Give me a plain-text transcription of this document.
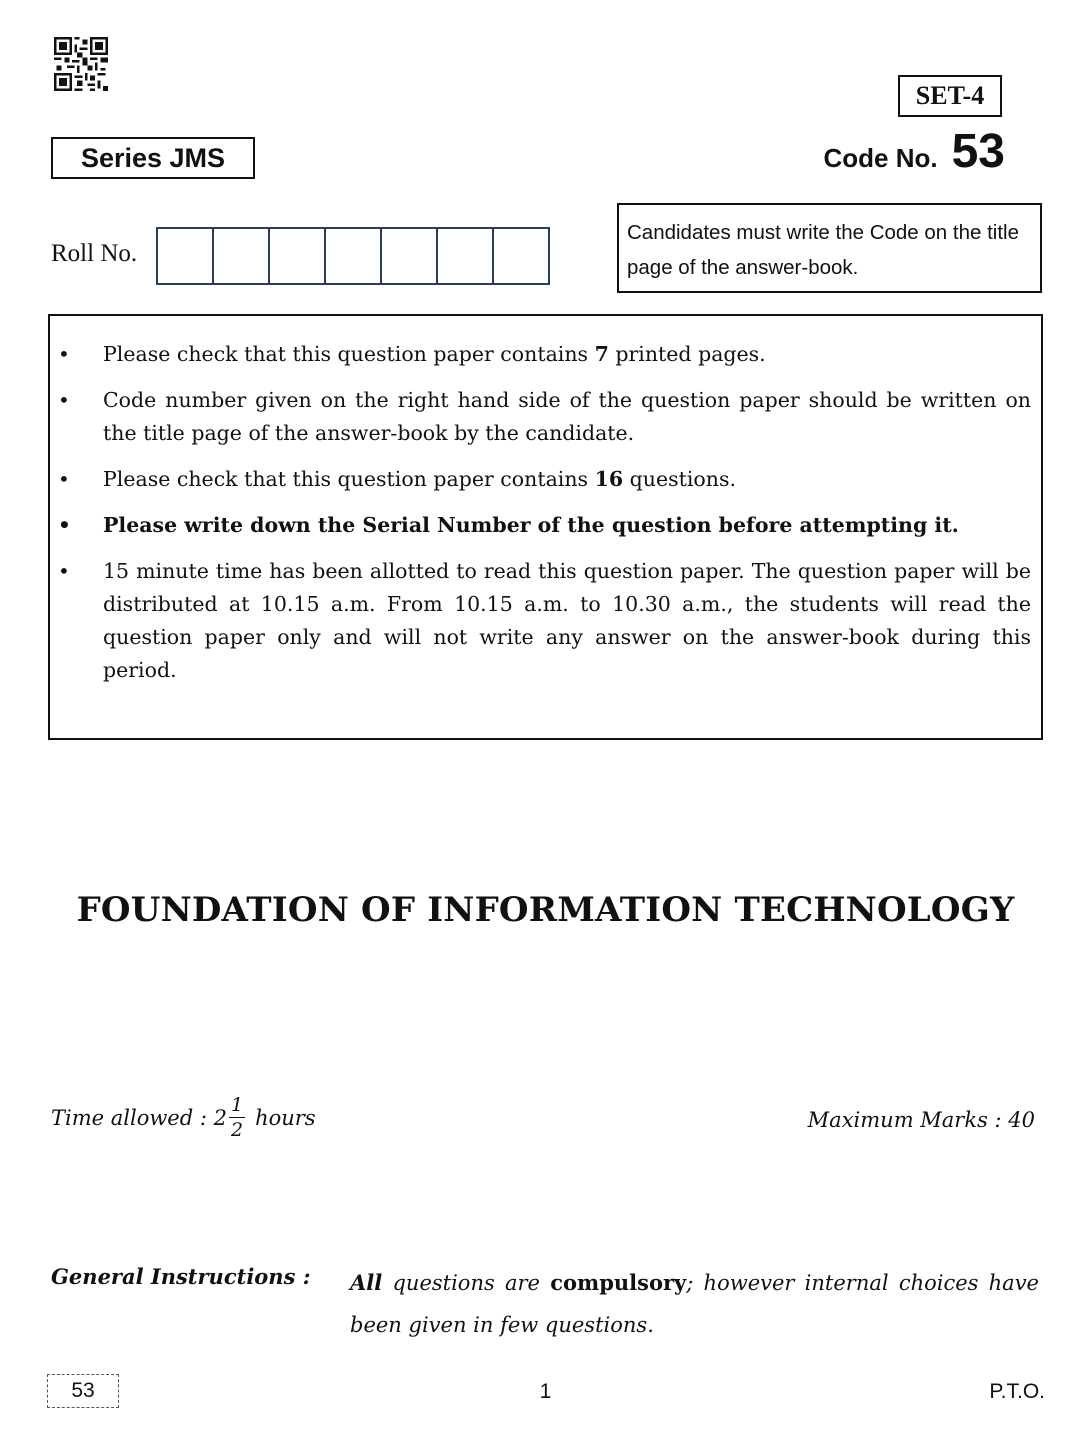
SET-4
Series JMS	Code No. 53
Roll No.
Candidates must write the Code on the title page of the answer-book.
• Please check that this question paper contains 7 printed pages.
• Code number given on the right hand side of the question paper should be written on the title page of the answer-book by the candidate.
• Please check that this question paper contains 16 questions.
• Please write down the Serial Number of the question before attempting it.
• 15 minute time has been allotted to read this question paper. The question paper will be distributed at 10.15 a.m. From 10.15 a.m. to 10.30 a.m., the students will read the question paper only and will not write any answer on the answer-book during this period.
FOUNDATION OF INFORMATION TECHNOLOGY
Time allowed : $2 \frac{1}{2}$ hours	Maximum Marks : 40
General Instructions : All questions are compulsory; however internal choices have been given in few questions.
53	1	P.T.O.
